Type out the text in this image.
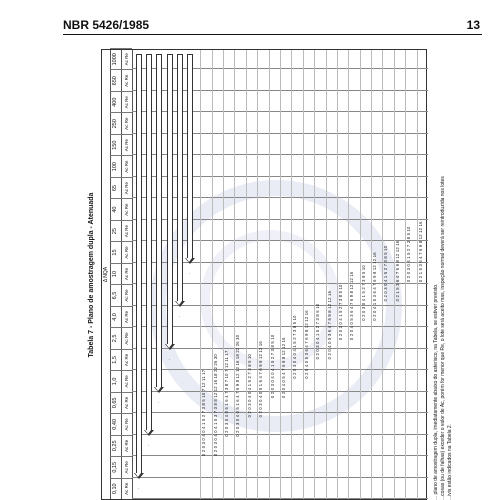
NBR 5426/1985	13
Tabela 7 - Plano de amostragem dupla - Atenuada Δ NQA
0,10
0,15
0,25
0,40
0,65
1,0
1,5
2,5
4,0
6,5
10
15
25
40
65
100
150
250
400
650
1000
Ac Re
Ac Re
Ac Re
Ac Re
Ac Re
Ac Re
Ac Re
Ac Re
Ac Re
Ac Re
Ac Re
Ac Re
Ac Re
Ac Re
Ac Re
Ac Re
Ac Re
Ac Re
Ac Re
Ac Re
Ac Re
.
.
.
.
.
.
0 2 0 3 0 4 0 4 1 5 2 7 3 8 5 10 7 12 11 17 0 2 0 3 0 4 0 4 1 5 3 7 3 8 8 12 12 16 18 22 26 30 0 2 0 3 0 4 0 5 1 6 4 7 3 8 7 10 7 12 11 17 0 2 0 3 0 4 0 5 1 6 4 7 6 9 8 12 12 16 18 22 26 30 0 2 0 3 0 4 0 4 1 5 2 7 3 8 5 10 0 2 0 3 0 4 0 5 1 6 4 7 6 9 8 12 12 16 0 2 0 3 0 4 0 4 1 5 2 7 3 8 5 10 0 2 0 4 0 5 4 7 6 9 8 12 12 16 0 2 0 3 0 4 0 4 1 5 2 7 3 8 5 10 0 2 0 4 0 5 3 6 4 7 6 9 8 12 12 16 0 2 0 3 0 4 1 5 2 7 3 8 5 10 0 2 0 4 0 5 3 6 4 7 6 9 8 12 12 16 0 2 0 3 0 4 1 5 2 7 3 8 5 10 0 2 0 4 0 5 3 6 4 7 6 9 8 12 12 16 0 2 0 3 0 4 1 5 2 7 3 8 5 10 0 2 0 4 1 5 3 6 4 7 6 9 8 12 12 16 0 2 0 3 0 4 1 5 2 7 3 8 5 10 0 2 1 5 3 6 4 7 6 9 8 12 12 16 0 2 0 3 0 4 1 5 2 7 3 8 5 10 0 2 1 5 3 6 4 7 6 9 8 12 12 16
... plano de amostragem dupla, imediatamente abaixo do asterisco, na Tabela, se estiver previsto. ...cosas (ou de falhas) exceder o valor de Ac, porém for menor que Re, o lote será aceito mas, inspeção normal deverá ser reintroduzida nos lotes ...ivis estão indicados na Tabela 2.
